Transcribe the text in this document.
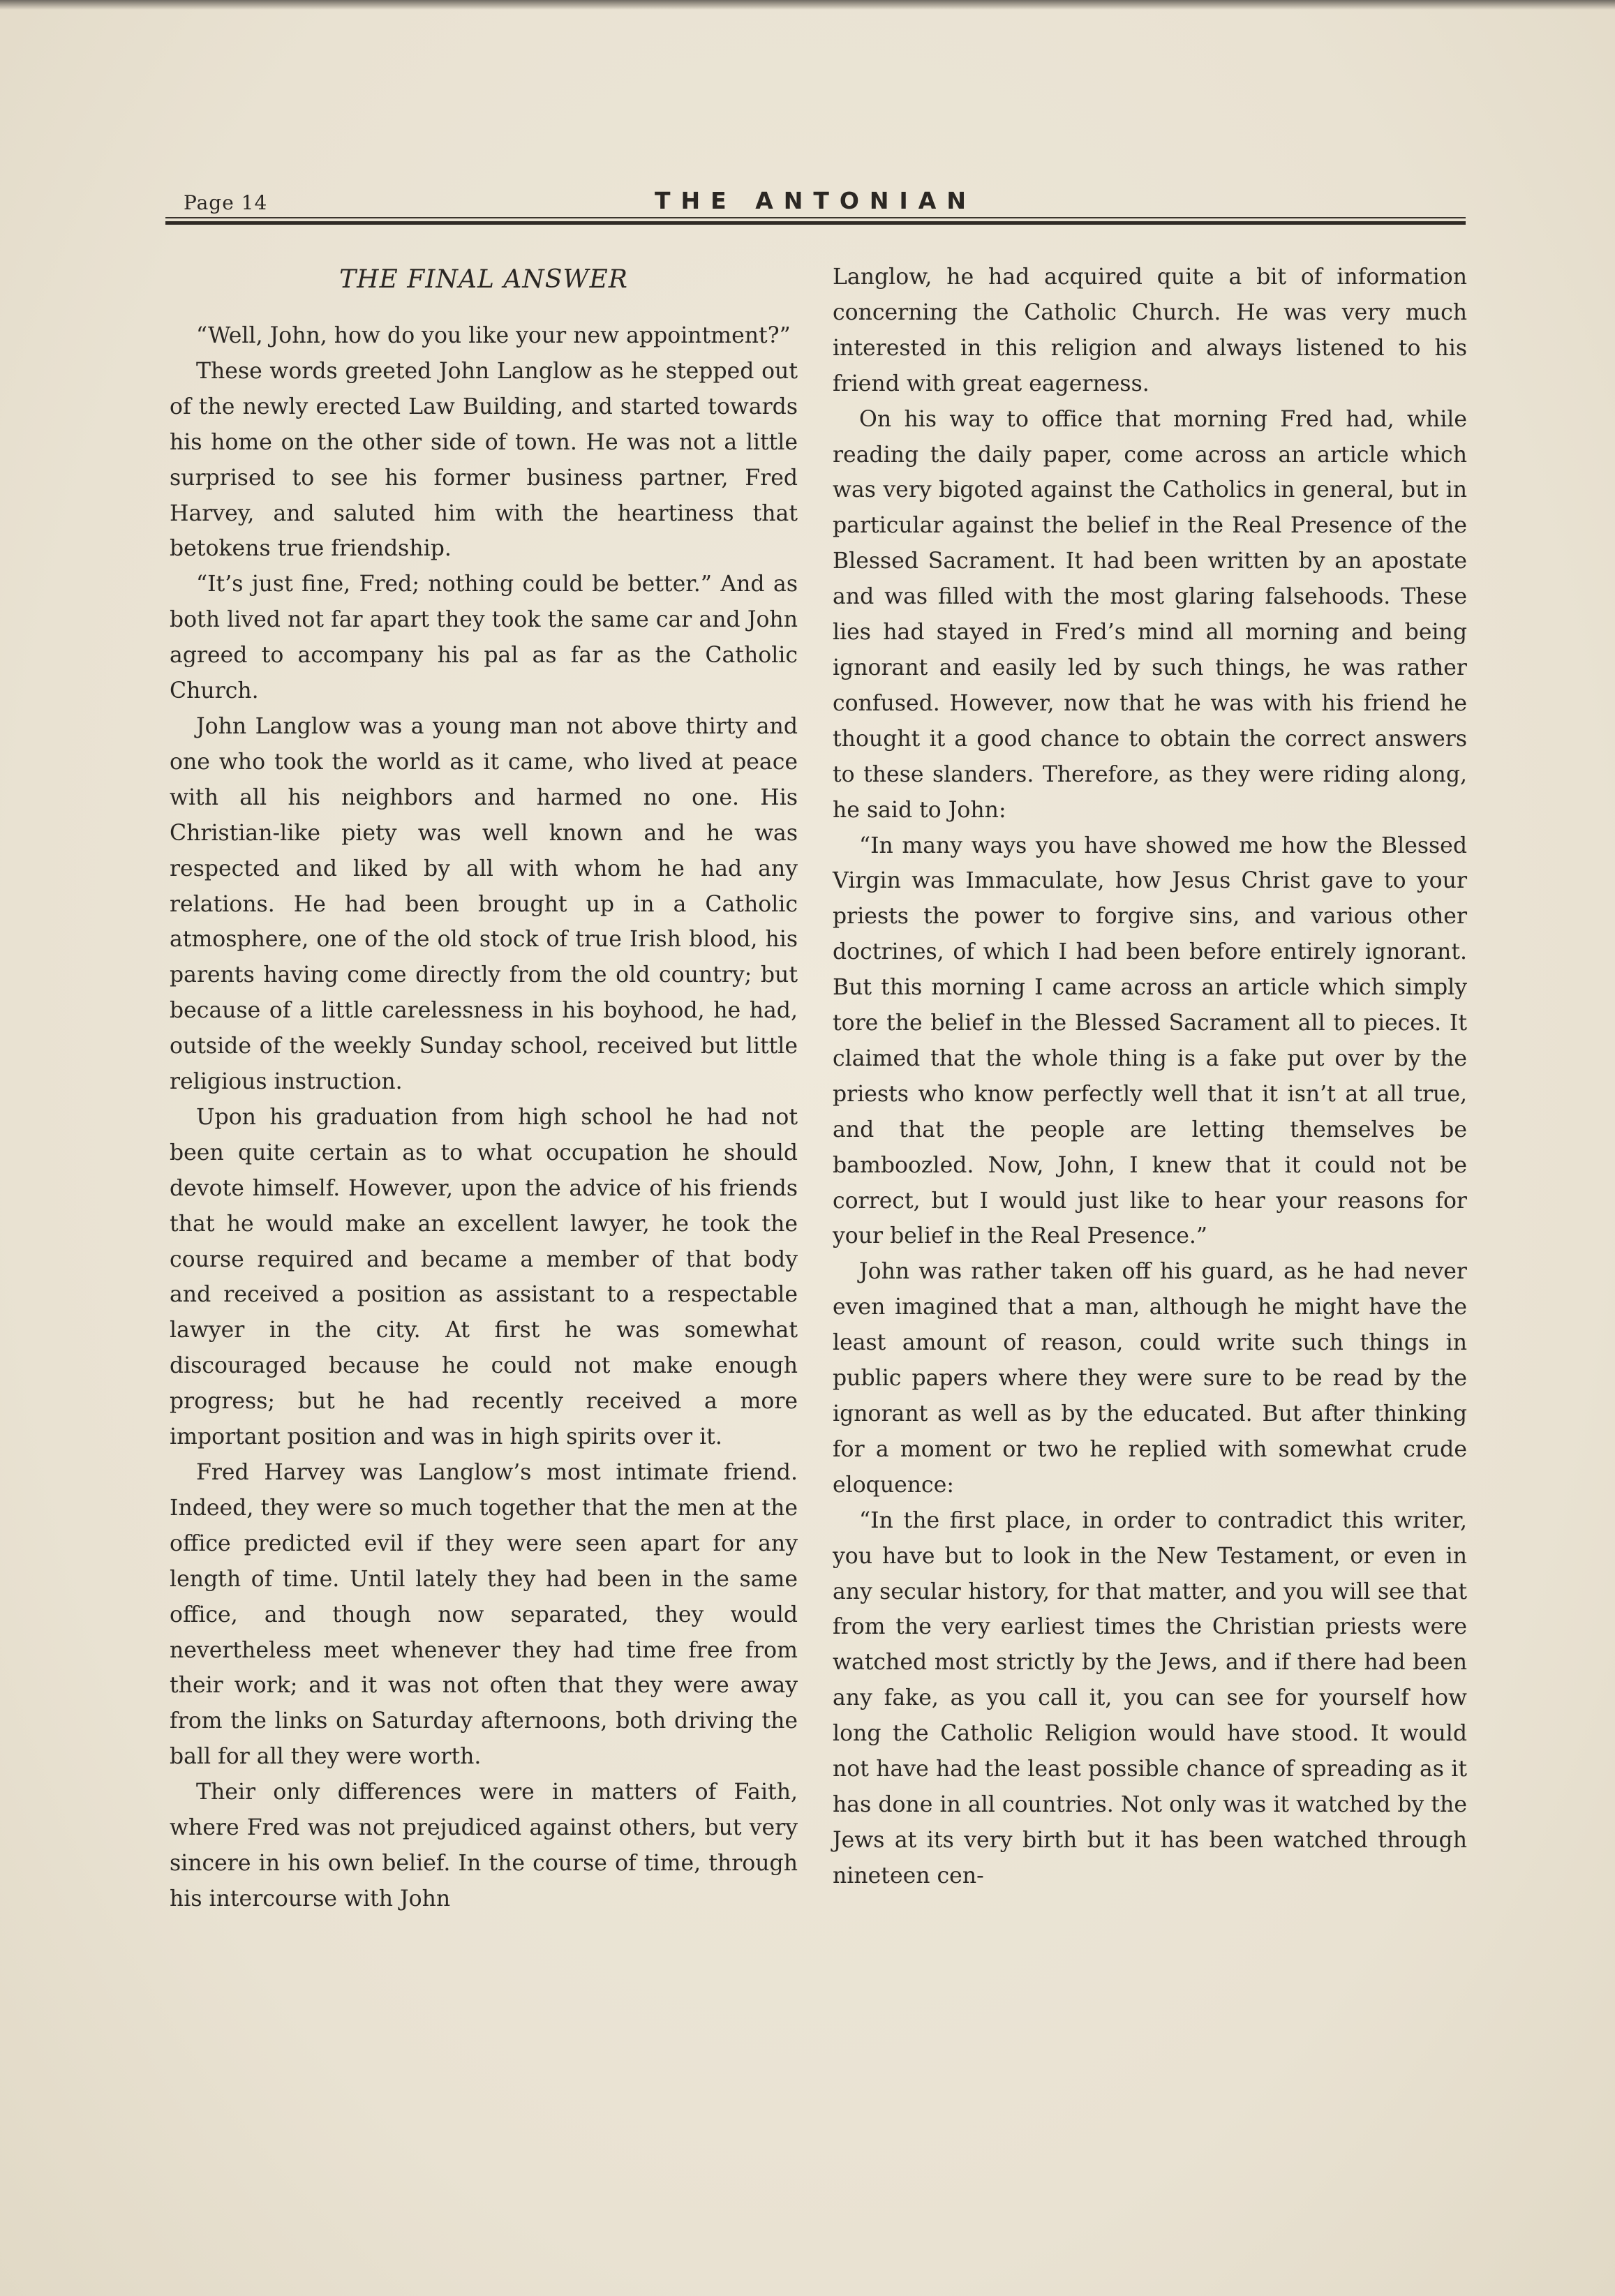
Page 14	THE ANTONIAN
THE FINAL ANSWER

“Well, John, how do you like your new appointment?”

These words greeted John Langlow as he stepped out of the newly erected Law Building, and started towards his home on the other side of town. He was not a little surprised to see his former business partner, Fred Harvey, and saluted him with the heartiness that betokens true friendship.

“It’s just fine, Fred; nothing could be better.” And as both lived not far apart they took the same car and John agreed to accompany his pal as far as the Catholic Church.

John Langlow was a young man not above thirty and one who took the world as it came, who lived at peace with all his neighbors and harmed no one. His Christian-like piety was well known and he was respected and liked by all with whom he had any relations. He had been brought up in a Catholic atmosphere, one of the old stock of true Irish blood, his parents having come directly from the old country; but because of a little carelessness in his boyhood, he had, outside of the weekly Sunday school, received but little religious instruction.

Upon his graduation from high school he had not been quite certain as to what occupation he should devote himself. However, upon the advice of his friends that he would make an excellent lawyer, he took the course required and became a member of that body and received a position as assistant to a respectable lawyer in the city. At first he was somewhat discouraged because he could not make enough progress; but he had recently received a more important position and was in high spirits over it.

Fred Harvey was Langlow’s most intimate friend. Indeed, they were so much together that the men at the office predicted evil if they were seen apart for any length of time. Until lately they had been in the same office, and though now separated, they would nevertheless meet whenever they had time free from their work; and it was not often that they were away from the links on Saturday afternoons, both driving the ball for all they were worth.

Their only differences were in matters of Faith, where Fred was not prejudiced against others, but very sincere in his own belief. In the course of time, through his intercourse with John

Langlow, he had acquired quite a bit of information concerning the Catholic Church. He was very much interested in this religion and always listened to his friend with great eagerness.

On his way to office that morning Fred had, while reading the daily paper, come across an article which was very bigoted against the Catholics in general, but in particular against the belief in the Real Presence of the Blessed Sacrament. It had been written by an apostate and was filled with the most glaring falsehoods. These lies had stayed in Fred’s mind all morning and being ignorant and easily led by such things, he was rather confused. However, now that he was with his friend he thought it a good chance to obtain the correct answers to these slanders. Therefore, as they were riding along, he said to John:

“In many ways you have showed me how the Blessed Virgin was Immaculate, how Jesus Christ gave to your priests the power to forgive sins, and various other doctrines, of which I had been before entirely ignorant. But this morning I came across an article which simply tore the belief in the Blessed Sacrament all to pieces. It claimed that the whole thing is a fake put over by the priests who know perfectly well that it isn’t at all true, and that the people are letting themselves be bamboozled. Now, John, I knew that it could not be correct, but I would just like to hear your reasons for your belief in the Real Presence.”

John was rather taken off his guard, as he had never even imagined that a man, although he might have the least amount of reason, could write such things in public papers where they were sure to be read by the ignorant as well as by the educated. But after thinking for a moment or two he replied with somewhat crude eloquence:

“In the first place, in order to contradict this writer, you have but to look in the New Testament, or even in any secular history, for that matter, and you will see that from the very earliest times the Christian priests were watched most strictly by the Jews, and if there had been any fake, as you call it, you can see for yourself how long the Catholic Religion would have stood. It would not have had the least possible chance of spreading as it has done in all countries. Not only was it watched by the Jews at its very birth but it has been watched through nineteen cen-
